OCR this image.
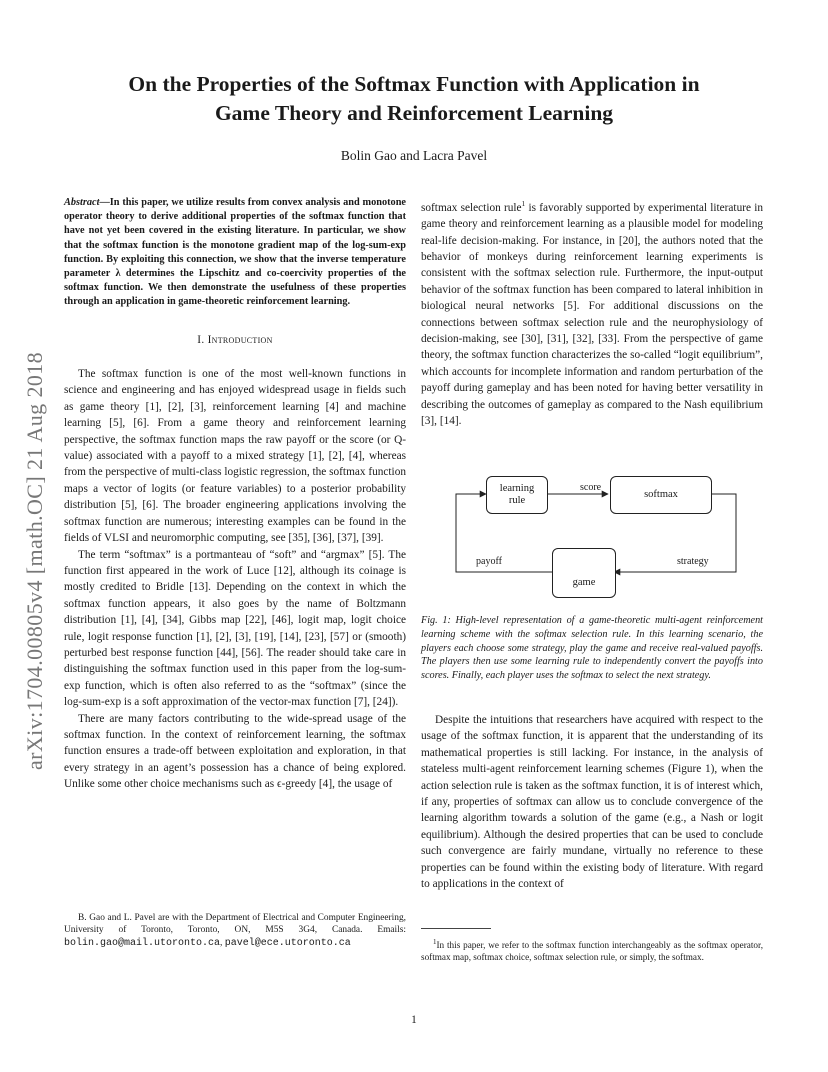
arXiv:1704.00805v4 [math.OC] 21 Aug 2018
On the Properties of the Softmax Function with Application in
Game Theory and Reinforcement Learning
Bolin Gao and Lacra Pavel

Abstract—In this paper, we utilize results from convex analysis and monotone operator theory to derive additional properties of the softmax function that have not yet been covered in the existing literature. In particular, we show that the softmax function is the monotone gradient map of the log-sum-exp function. By exploiting this connection, we show that the inverse temperature parameter λ determines the Lipschitz and co-coercivity properties of the softmax function. We then demonstrate the usefulness of these properties through an application in game-theoretic reinforcement learning.

I. Introduction

The softmax function is one of the most well-known functions in science and engineering and has enjoyed widespread usage in fields such as game theory [1], [2], [3], reinforcement learning [4] and machine learning [5], [6]. From a game theory and reinforcement learning perspective, the softmax function maps the raw payoff or the score (or Q-value) associated with a payoff to a mixed strategy [1], [2], [4], whereas from the perspective of multi-class logistic regression, the softmax function maps a vector of logits (or feature variables) to a posterior probability distribution [5], [6]. The broader engineering applications involving the softmax function are numerous; interesting examples can be found in the fields of VLSI and neuromorphic computing, see [35], [36], [37], [39].

The term “softmax” is a portmanteau of “soft” and “argmax” [5]. The function first appeared in the work of Luce [12], although its coinage is mostly credited to Bridle [13]. Depending on the context in which the softmax function appears, it also goes by the name of Boltzmann distribution [1], [4], [34], Gibbs map [22], [46], logit map, logit choice rule, logit response function [1], [2], [3], [19], [14], [23], [57] or (smooth) perturbed best response function [44], [56]. The reader should take care in distinguishing the softmax function used in this paper from the log-sum-exp function, which is often also referred to as the “softmax” (since the log-sum-exp is a soft approximation of the vector-max function [7], [24]).

There are many factors contributing to the wide-spread usage of the softmax function. In the context of reinforcement learning, the softmax function ensures a trade-off between exploitation and exploration, in that every strategy in an agent’s possession has a chance of being explored. Unlike some other choice mechanisms such as ϵ-greedy [4], the usage of

B. Gao and L. Pavel are with the Department of Electrical and Computer Engineering, University of Toronto, Toronto, ON, M5S 3G4, Canada. Emails: bolin.gao@mail.utoronto.ca, pavel@ece.utoronto.ca

softmax selection rule$^1$ is favorably supported by experimental literature in game theory and reinforcement learning as a plausible model for modeling real-life decision-making. For instance, in [20], the authors noted that the behavior of monkeys during reinforcement learning experiments is consistent with the softmax selection rule. Furthermore, the input-output behavior of the softmax function has been compared to lateral inhibition in biological neural networks [5]. For additional discussions on the connections between softmax selection rule and the neurophysiology of decision-making, see [30], [31], [32], [33]. From the perspective of game theory, the softmax function characterizes the so-called “logit equilibrium”, which accounts for incomplete information and random perturbation of the payoff during gameplay and has been noted for having better versatility in describing the outcomes of gameplay as compared to the Nash equilibrium [3], [14].

learning
rule
softmax
game
score
payoff	strategy
Fig. 1: High-level representation of a game-theoretic multi-agent reinforcement learning scheme with the softmax selection rule. In this learning scenario, the players each choose some strategy, play the game and receive real-valued payoffs. The players then use some learning rule to independently convert the payoffs into scores. Finally, each player uses the softmax to select the next strategy.

Despite the intuitions that researchers have acquired with respect to the usage of the softmax function, it is apparent that the understanding of its mathematical properties is still lacking. For instance, in the analysis of stateless multi-agent reinforcement learning schemes (Figure 1), when the action selection rule is taken as the softmax function, it is of interest which, if any, properties of softmax can allow us to conclude convergence of the learning algorithm towards a solution of the game (e.g., a Nash or logit equilibrium). Although the desired properties that can be used to conclude such convergence are fairly mundane, virtually no reference to these properties can be found within the existing body of literature. With regard to applications in the context of

$^1$In this paper, we refer to the softmax function interchangeably as the softmax operator, softmax map, softmax choice, softmax selection rule, or simply, the softmax.
1
